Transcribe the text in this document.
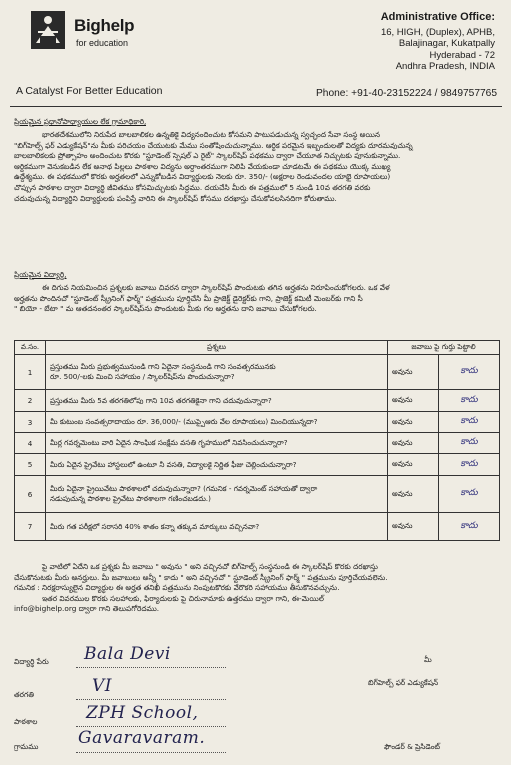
Bighelp
for education
A Catalyst For Better Education
Administrative Office:
16, HIGH, (Duplex), APHB,
Balajinagar, Kukatpally
Hyderabad - 72
Andhra Pradesh, INDIA
Phone: +91-40-23152224 / 9849757765
ప్రియమైన ప్రధానోపాధ్యాయుల లేక గ్రామాధికారి,
భారతదేశములోని నిరుపేద బాలబాలికల ఉన్నతికై విద్యనందించుట కోసమని పాటుపడుచున్న స్వచ్ఛంద సేవా సంస్థ అయిన
"బిగ్‌హెల్ప్ ఫర్ ఎడ్యుకేషన్"ను మీకు పరిచయం చేయుటకు మేము సంతోషించుచున్నాము. ఆర్థిక పరమైన ఇబ్బందులతో విద్యకు దూరమవుచున్న
బాలబాలికలకు ప్రోత్సాహం అందించుట కొరకు "స్టూడెంట్ స్పెషల్ ఎ రైట్" స్కాలర్‌షిప్ పథకము ద్వారా చేయూత నిచ్చుటకు పూనుకున్నాము.
ఆర్థికముగా వెనుకబడిన లేక అనాథ పిల్లలు పాఠశాల విద్యను అర్ధాంతరముగా నిలిపి వేయకుండా చూడటమే ఈ పథకము యొక్క ముఖ్య
ఉద్దేశ్యము. ఈ పథకములో కొరకు అర్హతలలో ఎన్నుకోబడిన విద్యార్థులకు నెలకు రూ. 350/- (అక్షరాల రెండువందల యాభై రూపాయలు)
చొప్పున పాఠశాల ద్వారా విద్యార్థి జీవితము కోసమిచ్చుటకు సిద్ధము. దయచేసి మీరు ఈ పత్రములో 5 నుండి 10వ తరగతి వరకు
చదువుచున్న విద్యార్థిని విద్యార్థులకు పంపిస్తే వారిని ఈ స్కాలర్‌షిప్ కోసము దరఖాస్తు చేసుకోవలసినదిగా కోరుతాము.
ప్రియమైన విద్యార్థి,
ఈ దిగువ నియమించిన ప్రశ్నలకు జవాబు చివరన ద్వారా స్కాలర్‌షిప్ పొందుటకు తగిన అర్హతను నిరూపించుకోగలరు. ఒక వేళ
అర్హతను పొందినచో "స్టూడెంట్ స్క్రీనింగ్ ఫార్మ్" పత్రమును పూర్తిచేసి మీ ప్రాజెక్ట్ డైరెక్టర్‌కు గాని, ప్రాజెక్ట్ కమిటీ మెంబర్‌కు గాని సీ
" బియో - బేటా " మ ఆతదనంతర స్కాలర్‌షిప్‌ను పొందుటకు మీకు గల అర్హతను దాని జవాబు చేసుకోగలరు.
వ.సం.	ప్రశ్నలు	జవాబు పై గుర్తు పెట్టాలి	
1	ప్రస్తుతము మీరు ప్రభుత్వమునుండి గాని ఏదైనా సంస్థనుండి గాని సంవత్సరమునకు
రూ. 500/-లకు మించి సహాయం / స్కాలర్‌షిప్‌ను పొందుచున్నారా?	అవును	కాదు
2	ప్రస్తుతము మీరు 5వ తరగతిలోపు గాని 10వ తరగతికైనా గాని చదువుచున్నారా?	అవును	కాదు
3	మీ కుటుంబ సంవత్సరాదాయం రూ. 36,000/- (ముప్పైఆరు వేల రూపాయలు) మించియున్నదా?	అవును	కాదు
4	మీర్ల గవర్నమెంటు వారి ఏదైన సాంఘిక సంక్షేమ వసతి గృహములో నివసించుచున్నారా?	అవును	కాదు
5	మీరు ఏదైన ప్రైవేటు హాస్టలులో ఉంటూ నీ వసతి, విద్యాలకై నిర్ణిత ఫీజు చెల్లించుచున్నారా?	అవును	కాదు
6	మీరు ఏదైనా ప్రైయివేటు పాఠశాలలో చదువుచున్నారా? (గమనిక - గవర్నమెంట్ సహాయతో ద్వారా
నడుపుచున్న పాఠశాల ప్రైవేటు పాఠశాలగా గణించబడదు.)	అవును	కాదు
7	మీరు గత పరీక్షలో సరాసరి 40% శాతం కన్నా తక్కువ మార్కులు వచ్చినవా?	అవును	కాదు
పై వాటిలో ఏదేని ఒక ప్రశ్నకు మీ జవాబు " అవును " అని వచ్చినచో బిగ్‌హెల్ప్ సంస్థనుండి ఈ స్కాలర్‌షిప్ కొరకు దరఖాస్తు
చేసుకొనుటకు మీరు అనర్హులు. మీ జవాబులు అన్నీ " కాదు " అని వచ్చినచో " స్టూడెంట్ స్క్రీనింగ్ ఫార్మ్ " పత్రమును పూర్తిచేయవలెను.
గమనిక : నిరక్షరాస్యులైన విద్యార్థుల ఈ అర్హత తనిఖీ పత్రమును నింపుటకొరకు వేరొకరి సహాయము తీసుకొనవచ్చును.
ఇతర వివరముల కొరకు సలహాలకు, ఫిర్యాదులకు పై చిరునామాకు ఉత్తరము ద్వారా గాని, ఈ-మెయిల్
info@bighelp.org ద్వారా గాని తెలుపగోరెదము.
విద్యార్థి పేరు Bala Devi
తరగతి	VI
పాఠశాల	ZPH School,
గ్రామము Gavaravaram.
మీ
బిగ్‌హెల్ప్ ఫర్ ఎడ్యుకేషన్
ఫౌండర్ & ప్రెసిడెంట్
